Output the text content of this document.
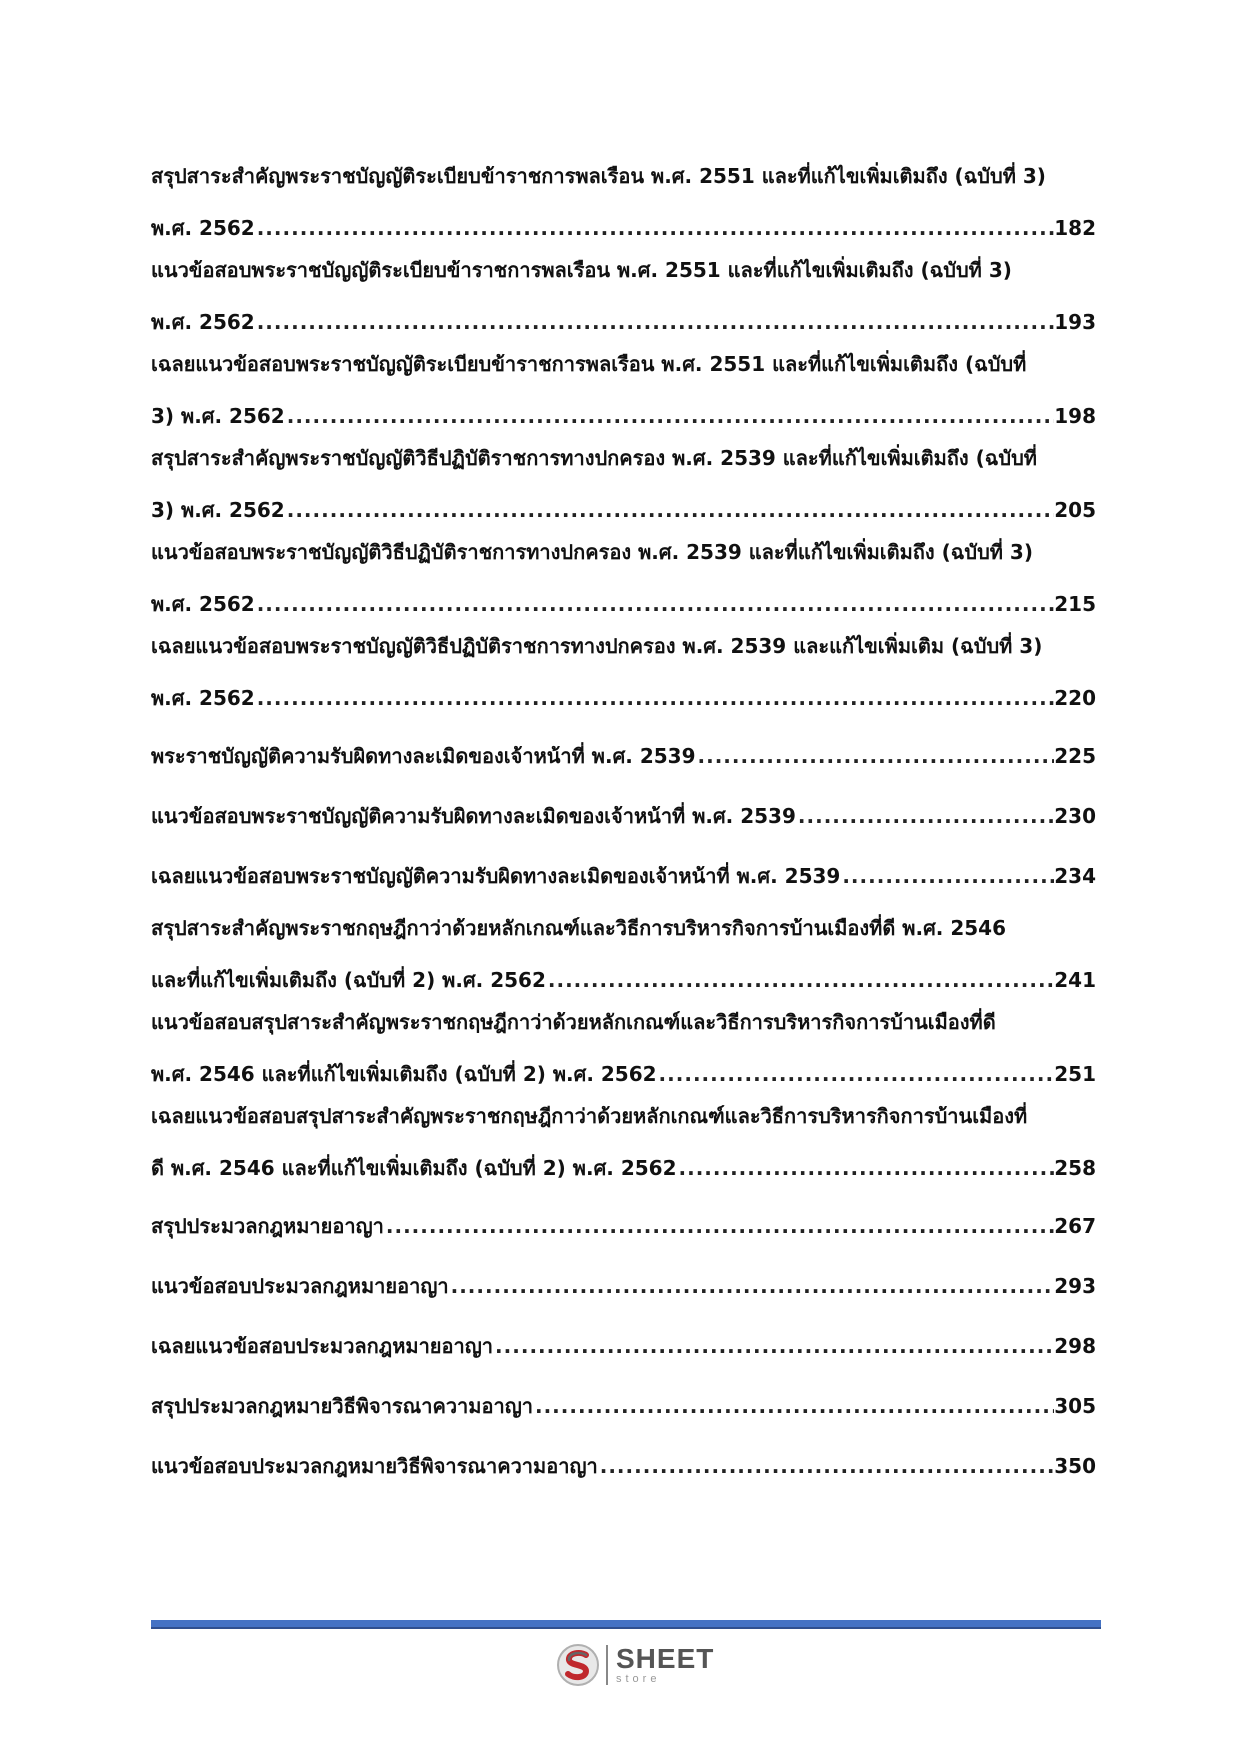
สรุปสาระสำคัญพระราชบัญญัติระเบียบข้าราชการพลเรือน พ.ศ. 2551 และที่แก้ไขเพิ่มเติมถึง (ฉบับที่ 3)
พ.ศ. 2562 .....	182
แนวข้อสอบพระราชบัญญัติระเบียบข้าราชการพลเรือน พ.ศ. 2551 และที่แก้ไขเพิ่มเติมถึง (ฉบับที่ 3)
พ.ศ. 2562 .....	193
เฉลยแนวข้อสอบพระราชบัญญัติระเบียบข้าราชการพลเรือน พ.ศ. 2551 และที่แก้ไขเพิ่มเติมถึง (ฉบับที่
3) พ.ศ. 2562 .....	198
สรุปสาระสำคัญพระราชบัญญัติวิธีปฏิบัติราชการทางปกครอง พ.ศ. 2539 และที่แก้ไขเพิ่มเติมถึง (ฉบับที่
3) พ.ศ. 2562 .....	205
แนวข้อสอบพระราชบัญญัติวิธีปฏิบัติราชการทางปกครอง พ.ศ. 2539 และที่แก้ไขเพิ่มเติมถึง (ฉบับที่ 3)
พ.ศ. 2562 .....	215
เฉลยแนวข้อสอบพระราชบัญญัติวิธีปฏิบัติราชการทางปกครอง พ.ศ. 2539 และแก้ไขเพิ่มเติม (ฉบับที่ 3)
พ.ศ. 2562 .....	220
พระราชบัญญัติความรับผิดทางละเมิดของเจ้าหน้าที่ พ.ศ. 2539 .....	225
แนวข้อสอบพระราชบัญญัติความรับผิดทางละเมิดของเจ้าหน้าที่ พ.ศ. 2539 .....	230
เฉลยแนวข้อสอบพระราชบัญญัติความรับผิดทางละเมิดของเจ้าหน้าที่ พ.ศ. 2539 .....	234
สรุปสาระสำคัญพระราชกฤษฎีกาว่าด้วยหลักเกณฑ์และวิธีการบริหารกิจการบ้านเมืองที่ดี พ.ศ. 2546
และที่แก้ไขเพิ่มเติมถึง (ฉบับที่ 2) พ.ศ. 2562 .....	241
แนวข้อสอบสรุปสาระสำคัญพระราชกฤษฎีกาว่าด้วยหลักเกณฑ์และวิธีการบริหารกิจการบ้านเมืองที่ดี
พ.ศ. 2546 และที่แก้ไขเพิ่มเติมถึง (ฉบับที่ 2) พ.ศ. 2562 .....	251
เฉลยแนวข้อสอบสรุปสาระสำคัญพระราชกฤษฎีกาว่าด้วยหลักเกณฑ์และวิธีการบริหารกิจการบ้านเมืองที่
ดี พ.ศ. 2546 และที่แก้ไขเพิ่มเติมถึง (ฉบับที่ 2) พ.ศ. 2562 .....	258
สรุปประมวลกฎหมายอาญา .....	267
แนวข้อสอบประมวลกฎหมายอาญา .....	293
เฉลยแนวข้อสอบประมวลกฎหมายอาญา .....	298
สรุปประมวลกฎหมายวิธีพิจารณาความอาญา .....	305
แนวข้อสอบประมวลกฎหมายวิธีพิจารณาความอาญา .....	350
SHEET
store
